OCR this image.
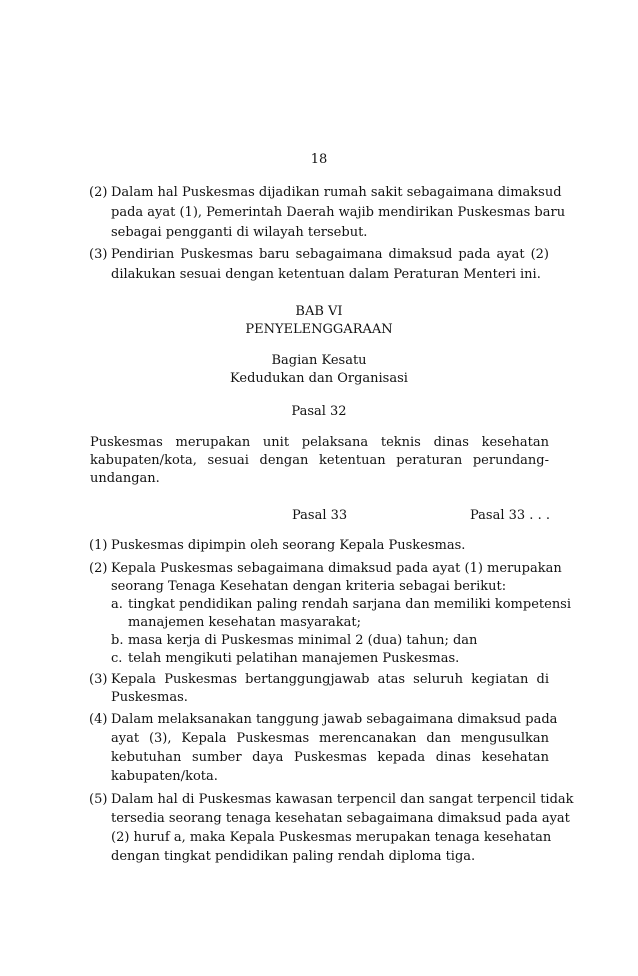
18
(2) Dalam hal Puskesmas dijadikan rumah sakit sebagaimana dimaksud
pada ayat (1), Pemerintah Daerah wajib mendirikan Puskesmas baru
sebagai pengganti di wilayah tersebut.
(3) Pendirian Puskesmas baru sebagaimana dimaksud pada ayat (2)
dilakukan sesuai dengan ketentuan dalam Peraturan Menteri ini.
BAB VI
PENYELENGGARAAN
Bagian Kesatu
Kedudukan dan Organisasi
Pasal 32
Puskesmas merupakan unit pelaksana teknis dinas kesehatan
kabupaten/kota, sesuai dengan ketentuan peraturan perundang-
undangan.
Pasal 33	Pasal 33 . . .
(1) Puskesmas dipimpin oleh seorang Kepala Puskesmas.
(2) Kepala Puskesmas sebagaimana dimaksud pada ayat (1) merupakan
seorang Tenaga Kesehatan dengan kriteria sebagai berikut:
a. tingkat pendidikan paling rendah sarjana dan memiliki kompetensi
manajemen kesehatan masyarakat;
b. masa kerja di Puskesmas minimal 2 (dua) tahun; dan
c. telah mengikuti pelatihan manajemen Puskesmas.
(3) Kepala Puskesmas bertanggungjawab atas seluruh kegiatan di
Puskesmas.
(4) Dalam melaksanakan tanggung jawab sebagaimana dimaksud pada
ayat (3), Kepala Puskesmas merencanakan dan mengusulkan
kebutuhan sumber daya Puskesmas kepada dinas kesehatan
kabupaten/kota.
(5) Dalam hal di Puskesmas kawasan terpencil dan sangat terpencil tidak
tersedia seorang tenaga kesehatan sebagaimana dimaksud pada ayat
(2) huruf a, maka Kepala Puskesmas merupakan tenaga kesehatan
dengan tingkat pendidikan paling rendah diploma tiga.
